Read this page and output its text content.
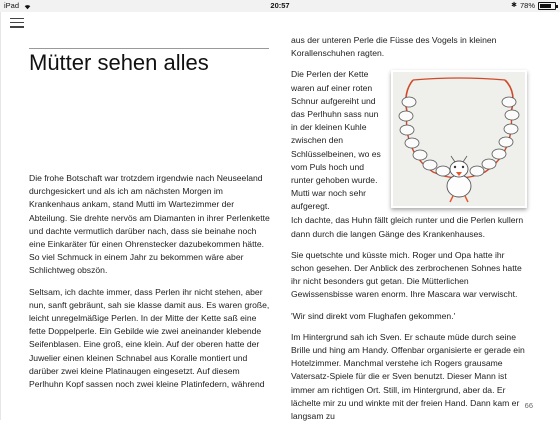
20:57
iPad	✱ 78%
Mütter sehen alles

Die frohe Botschaft war trotzdem irgendwie nach Neuseeland durchgesickert und als ich am nächsten Morgen im Krankenhaus ankam, stand Mutti im Wartezimmer der Abteilung. Sie drehte nervös am Diamanten in ihrer Perlenkette und dachte vermutlich darüber nach, dass sie beinahe noch eine Einkaräter für einen Ohrenstecker dazubekommen hätte. So viel Schmuck in einem Jahr zu bekommen wäre aber Schlichtweg obszön.

Seltsam, ich dachte immer, dass Perlen ihr nicht stehen, aber nun, sanft gebräunt, sah sie klasse damit aus. Es waren große, leicht unregelmäßige Perlen. In der Mitte der Kette saß eine fette Doppelperle. Ein Gebilde wie zwei aneinander klebende Seifenblasen. Eine groß, eine klein. Auf der oberen hatte der Juwelier einen kleinen Schnabel aus Koralle montiert und darüber zwei kleine Platinaugen eingesetzt. Auf diesem Perlhuhn Kopf sassen noch zwei kleine Platinfedern, während

aus der unteren Perle die Füsse des Vogels in kleinen Korallenschuhen ragten.

Die Perlen der Kette waren auf einer roten Schnur aufgereiht und das Perlhuhn sass nun in der kleinen Kuhle zwischen den Schlüsselbeinen, wo es vom Puls hoch und runter gehoben wurde. Mutti war noch sehr aufgeregt.

Ich dachte, das Huhn fällt gleich runter und die Perlen kullern dann durch die langen Gänge des Krankenhauses.

Sie quetschte und küsste mich. Roger und Opa hatte ihr schon gesehen. Der Anblick des zerbrochenen Sohnes hatte ihr nicht besonders gut getan. Die Mütterlichen Gewissensbisse waren enorm. Ihre Mascara war verwischt.

'Wir sind direkt vom Flughafen gekommen.'

Im Hintergrund sah ich Sven. Er schaute müde durch seine Brille und hing am Handy. Offenbar organisierte er gerade ein Hotelzimmer. Manchmal verstehe ich Rogers grausame Vatersatz-Spiele für die er Sven benutzt. Dieser Mann ist immer am richtigen Ort. Still, im Hintergrund, aber da. Er lächelte mir zu und winkte mit der freien Hand. Dann kam er langsam zu

66
